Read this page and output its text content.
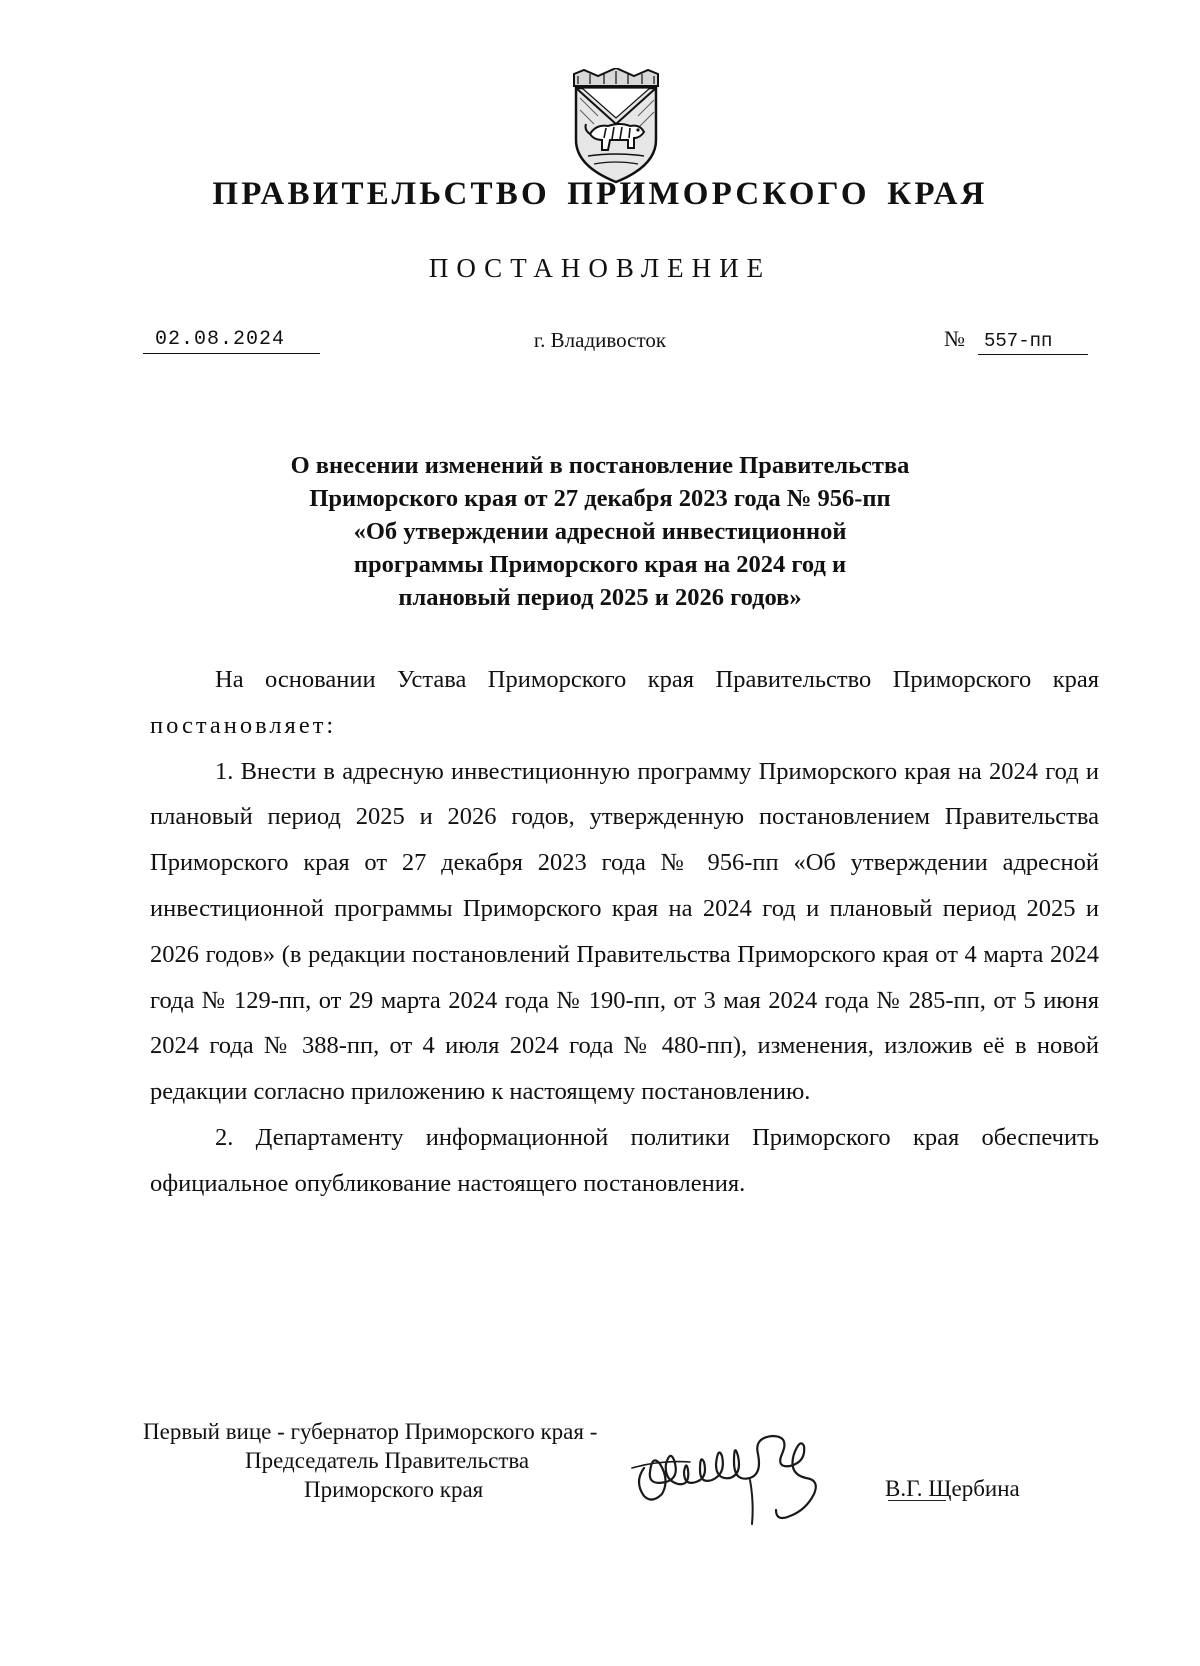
ПРАВИТЕЛЬСТВО ПРИМОРСКОГО КРАЯ
ПОСТАНОВЛЕНИЕ
02.08.2024	г. Владивосток	№ 557-пп
О внесении изменений в постановление Правительства
Приморского края от 27 декабря 2023 года № 956-пп
«Об утверждении адресной инвестиционной
программы Приморского края на 2024 год и
плановый период 2025 и 2026 годов»

На основании Устава Приморского края Правительство Приморского края постановляет:

1. Внести в адресную инвестиционную программу Приморского края на 2024 год и плановый период 2025 и 2026 годов, утвержденную постановлением Правительства Приморского края от 27 декабря 2023 года № 956-пп «Об утверждении адресной инвестиционной программы Приморского края на 2024 год и плановый период 2025 и 2026 годов» (в редакции постановлений Правительства Приморского края от 4 марта 2024 года № 129-пп, от 29 марта 2024 года № 190-пп, от 3 мая 2024 года № 285-пп, от 5 июня 2024 года № 388-пп, от 4 июля 2024 года № 480-пп), изменения, изложив её в новой редакции согласно приложению к настоящему постановлению.

2. Департаменту информационной политики Приморского края обеспечить официальное опубликование настоящего постановления.

Первый вице - губернатор Приморского края -
Председатель Правительства
Приморского края	В.Г. Щербина
